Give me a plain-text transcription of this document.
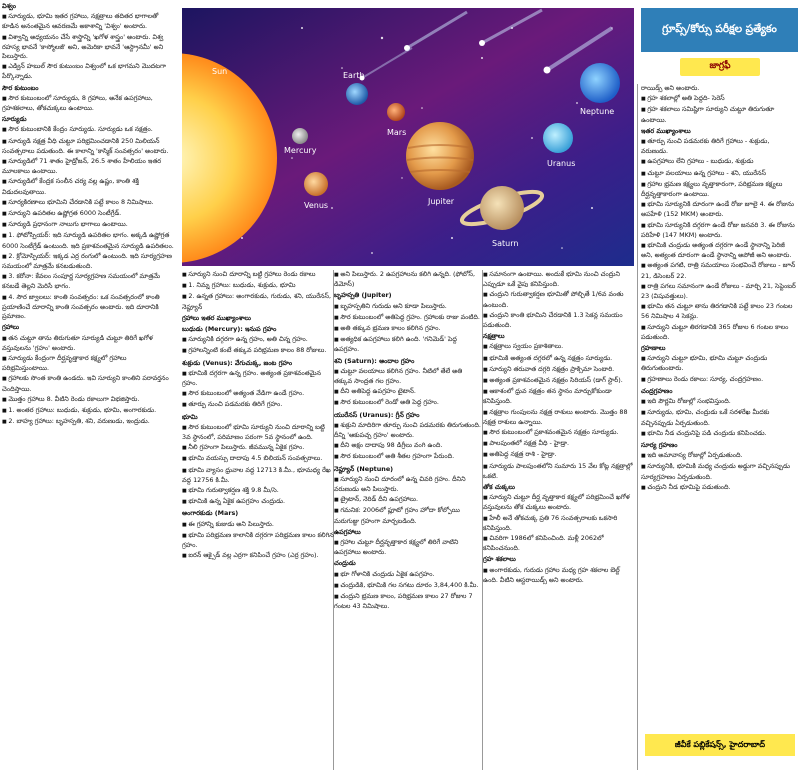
విశ్వం

■ సూర్యుడు, భూమి ఇతర గ్రహాలు, నక్షత్రాలు తదితర భాగాలతో కూడిన అనంతమైన ఆవరణమే అకాశాన్ని 'విశ్వం' అంటారు.

■ విశ్వాన్ని అధ్యయనం చేసే శాస్త్రాన్ని 'ఖగోళ శాస్త్రం' అంటారు. విశ్వ రహస్య భావనే 'కాస్మోలజీ' అని, అమెరికా భావనే 'ఆస్ట్రానమీ' అని పిలుస్తారు.

■ ఎడ్విన్‌ హబుల్‌ సౌర కుటుంబం విశ్వంలో ఒక భాగమని మొదటగా పేర్కొన్నాడు.

సౌర కుటుంబం

■ సౌర కుటుంబంలో సూర్యుడు, 8 గ్రహాలు, అనేక ఉపగ్రహాలు, గ్రహశకలాలు, తోకచుక్కలు ఉంటాయి.

సూర్యుడు

■ సౌర కుటుంబానికి కేంద్రం సూర్యుడు. సూర్యుడు ఒక నక్షత్రం.

■ సూర్యుడి నక్షత్ర వీధి చుట్టూ పరిభ్రమించడానికి 250 మిలియన్‌ సంవత్సరాలు పడుతుంది. ఈ కాలాన్ని 'కాస్మిక్‌ సంవత్సరం' అంటారు.

■ సూర్యుడిలో 71 శాతం హైడ్రోజన్‌, 26.5 శాతం హీలియం ఇతర మూలకాలు ఉంటాయి.

■ సూర్యుడిలో కేంద్రక సంలీన చర్య వల్ల ఉష్ణం, కాంతి శక్తి విడుదలవుతాయి.

■ సూర్యకిరణాలు భూమిని చేరడానికి పట్టే కాలం 8 నిమిషాలు.

■ సూర్యుని ఉపరితల ఉష్ణోగ్రత 6000 సెంటీగ్రేడ్‌.

■ సూర్యుడి ప్రధానంగా నాలుగు భాగాలు ఉంటాయి.

■ 1. ఫోటోస్పియర్‌: ఇది సూర్యుడి ఉపరితల భాగం. అక్కడి ఉష్ణోగ్రత 6000 సెంటీగ్రేడ్‌ ఉంటుంది. ఇది ప్రకాశవంతమైన సూర్యుడి ఉపరితలం.

■ 2. క్రోమోస్పియర్‌: ఇక్కడ ఎర్ర రంగులో ఉంటుంది. ఇది సూర్యగ్రహణ సమయంలో మాత్రమే కనబడుతుంది.

■ 3. కరోనా: కేవలం సంపూర్ణ సూర్యగ్రహణ సమయంలో మాత్రమే కనబడే తెల్లని మెరిసే భాగం.

■ 4. సౌర జ్వాలలు: కాంతి సంవత్సరం: ఒక సంవత్సరంలో కాంతి ప్రయాణించే దూరాన్ని కాంతి సంవత్సరం అంటారు. ఇది దూరానికి ప్రమాణం.

గ్రహాలు

■ తన చుట్టూ తాను తిరుగుతూ సూర్యుడి చుట్టూ తిరిగే ఖగోళ వస్తువులను 'గ్రహం' అంటారు.

■ సూర్యుడు కేంద్రంగా దీర్ఘవృత్తాకార కక్ష్యలో గ్రహాలు పరిభ్రమిస్తుంటాయి.

■ గ్రహాలకు సొంత కాంతి ఉండదు. ఇవి సూర్యుని కాంతిని పరావర్తనం చెందిస్తాయి.

■ మొత్తం గ్రహాలు 8. వీటిని రెండు రకాలుగా విభజిస్తారు.

■ 1. అంతర గ్రహాలు: బుధుడు, శుక్రుడు, భూమి, అంగారకుడు.

■ 2. బాహ్య గ్రహాలు: బృహస్పతి, శని, వరుణుడు, ఇంద్రుడు.

Sun
Mercury
Venus
Earth
Mars
Jupiter
Saturn
Uranus
Neptune

■ సూర్యుని నుంచి దూరాన్ని బట్టి గ్రహాలు రెండు రకాలు

■ 1. నిమ్న గ్రహాలు: బుధుడు, శుక్రుడు, భూమి

■ 2. ఉన్నత గ్రహాలు: అంగారకుడు, గురుడు, శని, యురేనస్‌, నెప్ట్యూన్‌

గ్రహాలు ఇతర ముఖ్యాంశాలు

బుధుడు (Mercury): ఇనుప గ్రహం

■ సూర్యునికి దగ్గరగా ఉన్న గ్రహం, అతి చిన్న గ్రహం.

■ గ్రహాలన్నింటి కంటే తక్కువ పరిభ్రమణ కాలం 88 రోజులు.

శుక్రుడు (Venus): వేగుచుక్క, జంట గ్రహం

■ భూమికి దగ్గరగా ఉన్న గ్రహం. అత్యంత ప్రకాశవంతమైన గ్రహం.

■ సౌర కుటుంబంలో అత్యంత వేడిగా ఉండే గ్రహం.

■ తూర్పు నుంచి పడమరకు తిరిగే గ్రహం.

భూమి

■ సౌర కుటుంబంలో భూమి సూర్యుని నుంచి దూరాన్ని బట్టి 3వ స్థానంలో, పరిమాణం పరంగా 5వ స్థానంలో ఉంది.

■ నీలి గ్రహంగా పిలుస్తారు. జీవమున్న ఏకైక గ్రహం.

■ భూమి వయస్సు దాదాపు 4.5 బిలియన్‌ సంవత్సరాలు.

■ భూమి వ్యాసం ధ్రువాల వద్ద 12713 కి.మీ., భూమధ్య రేఖ వద్ద 12756 కి.మీ.

■ భూమి గురుత్వాకర్షణ శక్తి 9.8 మీ/సె.

■ భూమికి ఉన్న ఏకైక ఉపగ్రహం చంద్రుడు.

అంగారకుడు (Mars)

■ ఈ గ్రహాన్ని కుజుడు అని పిలుస్తారు.

■ భూమి పరిభ్రమణ కాలానికి దగ్గరగా పరిభ్రమణ కాలం కలిగిన గ్రహం.

■ ఐరన్‌ ఆక్సైడ్‌ వల్ల ఎర్రగా కనిపించే గ్రహం (ఎర్ర గ్రహం).

■ అని పిలుస్తారు. 2 ఉపగ్రహాలను కలిగి ఉన్నది. (ఫోబోస్‌, డిమోస్‌)

బృహస్పతి (Jupiter)

■ బృహస్పతిని గురుడు అని కూడా పిలుస్తారు.

■ సౌర కుటుంబంలో అతిపెద్ద గ్రహం. గ్రహాలకు రాజు వంటిది.

■ అతి తక్కువ భ్రమణ కాలం కలిగిన గ్రహం.

■ అత్యధిక ఉపగ్రహాలు కలిగి ఉంది. 'గనిమెడ్‌' పెద్ద ఉపగ్రహం.

శని (Saturn): అందాల గ్రహం

■ చుట్టూ వలయాలు కలిగిన గ్రహం. నీటిలో తేలే అతి తక్కువ సాంద్రత గల గ్రహం.

■ దీని అతిపెద్ద ఉపగ్రహం టైటాన్‌.

■ సౌర కుటుంబంలో రెండో అతి పెద్ద గ్రహం.

యురేనస్‌ (Uranus): గ్రీన్‌ గ్రహం

■ శుక్రుని మాదిరిగా తూర్పు నుంచి పడమరకు తిరుగుతుంది. దీన్ని 'ఆకుపచ్చ గ్రహం' అంటారు.

■ దీని అక్షం దాదాపు 98 డిగ్రీలు వంగి ఉంది.

■ సౌర కుటుంబంలో అతి శీతల గ్రహంగా పేరుంది.

నెప్ట్యూన్‌ (Neptune)

■ సూర్యుని నుంచి దూరంలో ఉన్న చివరి గ్రహం. దీనిని వరుణుడు అని పిలుస్తారు.

■ ట్రైటాన్‌, నెరిడ్‌ దీని ఉపగ్రహాలు.

■ గమనిక: 2006లో ప్లూటో గ్రహం హోదా కోల్పోయి మరుగుజ్జు గ్రహంగా మార్చబడింది.

ఉపగ్రహాలు

■ గ్రహాల చుట్టూ దీర్ఘవృత్తాకార కక్ష్యలో తిరిగే వాటిని ఉపగ్రహాలు అంటారు.

చంద్రుడు

■ భూ గోళానికి చంద్రుడు ఏకైక ఉపగ్రహం.

■ చంద్రుడికి, భూమికి గల సగటు దూరం 3,84,400 కి.మీ.

■ చంద్రుని భ్రమణ కాలం, పరిభ్రమణ కాలం 27 రోజుల 7 గంటల 43 నిమిషాలు.

■ సమానంగా ఉంటాయి. అందుకే భూమి నుంచి చంద్రుని ఎప్పుడూ ఒకే వైపు కనిపిస్తుంది.

■ చంద్రుని గురుత్వాకర్షణ భూమితో పోల్చితే 1/6వ వంతు ఉంటుంది.

■ చంద్రుని కాంతి భూమిని చేరడానికి 1.3 సెకన్ల సమయం పడుతుంది.

నక్షత్రాలు

■ నక్షత్రాలు స్వయం ప్రకాశితాలు.

■ భూమికి అత్యంత దగ్గరలో ఉన్న నక్షత్రం సూర్యుడు.

■ సూర్యుని తరువాత దగ్గరి నక్షత్రం ప్రాక్సిమా సెంటారి.

■ అత్యంత ప్రకాశవంతమైన నక్షత్రం సిరియస్‌ (డాగ్‌ స్టార్‌).

■ ఆకాశంలో ధ్రువ నక్షత్రం తన స్థానం మార్చుకోకుండా కనిపిస్తుంది.

■ నక్షత్రాల గుంపులను నక్షత్ర రాశులు అంటారు. మొత్తం 88 నక్షత్ర రాశులు ఉన్నాయి.

■ సౌర కుటుంబంలో ప్రకాశవంతమైన నక్షత్రం సూర్యుడు.

■ పాలపుంతలో నక్షత్ర వీధి - హైడ్రా.

■ అతిపెద్ద నక్షత్ర రాశి - హైడ్రా.

■ సూర్యుడు పాలపుంతలోని సుమారు 15 వేల కోట్ల నక్షత్రాల్లో ఒకటి.

తోక చుక్కలు

■ సూర్యుని చుట్టూ దీర్ఘ వృత్తాకార కక్ష్యలో పరిభ్రమించే ఖగోళ వస్తువులను తోక చుక్కలు అంటారు.

■ హేలీ అనే తోకచుక్క ప్రతి 76 సంవత్సరాలకు ఒకసారి కనిపిస్తుంది.

■ చివరిగా 1986లో కనిపించింది. మళ్లీ 2062లో కనిపించనుంది.

గ్రహ శకలాలు

■ అంగారకుడు, గురుడు గ్రహాల మధ్య గ్రహ శకలాల బెల్ట్‌ ఉంది. వీటిని ఆస్టరాయిడ్స్‌ అని అంటారు.

గ్రూప్స్‌/కోర్సు పరీక్షల ప్రత్యేకం
జాగ్రఫీ

రాయిడ్స్‌ అని అంటారు.

■ గ్రహ శకలాల్లో అతి పెద్దది- సెరెస్‌

■ గ్రహ శకలాలు సమిష్టిగా సూర్యుని చుట్టూ తిరుగుతూ ఉంటాయి.

ఇతర ముఖ్యాంశాలు

■ తూర్పు నుంచి పడమరకు తిరిగే గ్రహాలు - శుక్రుడు, వరుణుడు.

■ ఉపగ్రహాలు లేని గ్రహాలు - బుధుడు, శుక్రుడు

■ చుట్టూ వలయాలు ఉన్న గ్రహాలు - శని, యురేనస్‌

■ గ్రహాల భ్రమణ కక్ష్యలు వృత్తాకారంగా, పరిభ్రమణ కక్ష్యలు దీర్ఘవృత్తాకారంగా ఉంటాయి.

■ భూమి సూర్యునికి దూరంగా ఉండే రోజు జూలై 4. ఈ రోజును అపహేళి (152 MKM) అంటారు.

■ భూమి సూర్యునికి దగ్గరగా ఉండే రోజు జనవరి 3. ఈ రోజును పరిహేళి (147 MKM) అంటారు.

■ భూమికి చంద్రుడు అత్యంత దగ్గరగా ఉండే స్థానాన్ని పెరిజీ అని, అత్యంత దూరంగా ఉండే స్థానాన్ని అపోజీ అని అంటారు.

■ అత్యంత పగటి, రాత్రి సమయాలు సంభవించే రోజులు - జూన్‌ 21, డిసెంబర్‌ 22.

■ రాత్రి పగలు సమానంగా ఉండే రోజులు - మార్చి 21, సెప్టెంబర్‌ 23 (విషువత్తులు).

■ భూమి తన చుట్టూ తాను తిరగడానికి పట్టే కాలం 23 గంటల 56 నిమిషాల 4 సెకన్లు.

■ సూర్యుని చుట్టూ తిరగడానికి 365 రోజుల 6 గంటల కాలం పడుతుంది.

గ్రహణాలు

■ సూర్యుని చుట్టూ భూమి, భూమి చుట్టూ చంద్రుడు తిరుగుతుంటారు.

■ గ్రహణాలు రెండు రకాలు: సూర్య, చంద్రగ్రహణం.

చంద్రగ్రహణం

■ ఇది పౌర్ణమి రోజుల్లో సంభవిస్తుంది.

■ సూర్యుడు, భూమి, చంద్రుడు ఒకే సరళరేఖ మీదకు వచ్చినప్పుడు ఏర్పడుతుంది.

■ భూమి నీడ చంద్రునిపై పడి చంద్రుడు కనిపించడు.

సూర్య గ్రహణం

■ ఇది అమావాస్య రోజుల్లో ఏర్పడుతుంది.

■ సూర్యునికి, భూమికి మధ్య చంద్రుడు అడ్డుగా వచ్చినప్పుడు సూర్యగ్రహణం ఏర్పడుతుంది.

■ చంద్రుని నీడ భూమిపై పడుతుంది.

జీవీకే పబ్లికేషన్స్‌, హైదరాబాద్‌
